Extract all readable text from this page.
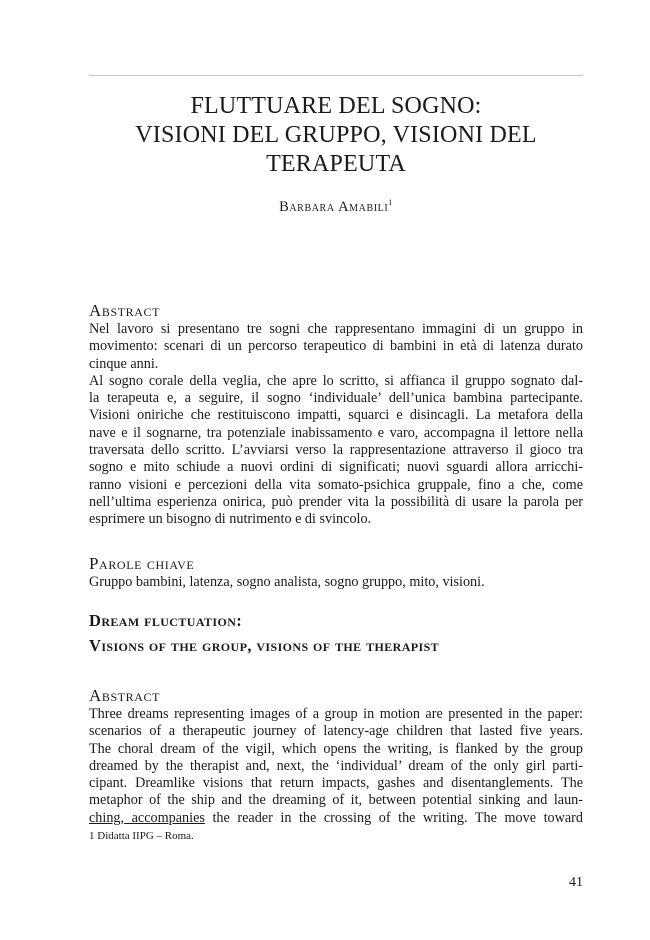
FLUTTUARE DEL SOGNO:
VISIONI DEL GRUPPO, VISIONI DEL
TERAPEUTA
Barbara Amabili$^1$
Abstract
Nel lavoro si presentano tre sogni che rappresentano immagini di un gruppo in
movimento: scenari di un percorso terapeutico di bambini in età di latenza durato
cinque anni.
Al sogno corale della veglia, che apre lo scritto, si affianca il gruppo sognato dal-
la terapeuta e, a seguire, il sogno ‘individuale’ dell’unica bambina partecipante.
Visioni oniriche che restituiscono impatti, squarci e disincagli. La metafora della
nave e il sognarne, tra potenziale inabissamento e varo, accompagna il lettore nella
traversata dello scritto. L’avviarsi verso la rappresentazione attraverso il gioco tra
sogno e mito schiude a nuovi ordini di significati; nuovi sguardi allora arricchi-
ranno visioni e percezioni della vita somato-psichica gruppale, fino a che, come
nell’ultima esperienza onirica, può prender vita la possibilità di usare la parola per
esprimere un bisogno di nutrimento e di svincolo.
Parole chiave
Gruppo bambini, latenza, sogno analista, sogno gruppo, mito, visioni.
Dream fluctuation:
Visions of the group, visions of the therapist
Abstract
Three dreams representing images of a group in motion are presented in the paper:
scenarios of a therapeutic journey of latency-age children that lasted five years.
The choral dream of the vigil, which opens the writing, is flanked by the group
dreamed by the therapist and, next, the ‘individual’ dream of the only girl parti-
cipant. Dreamlike visions that return impacts, gashes and disentanglements. The
metaphor of the ship and the dreaming of it, between potential sinking and laun-
ching, accompanies the reader in the crossing of the writing. The move toward
1 Didatta IIPG – Roma.
41
